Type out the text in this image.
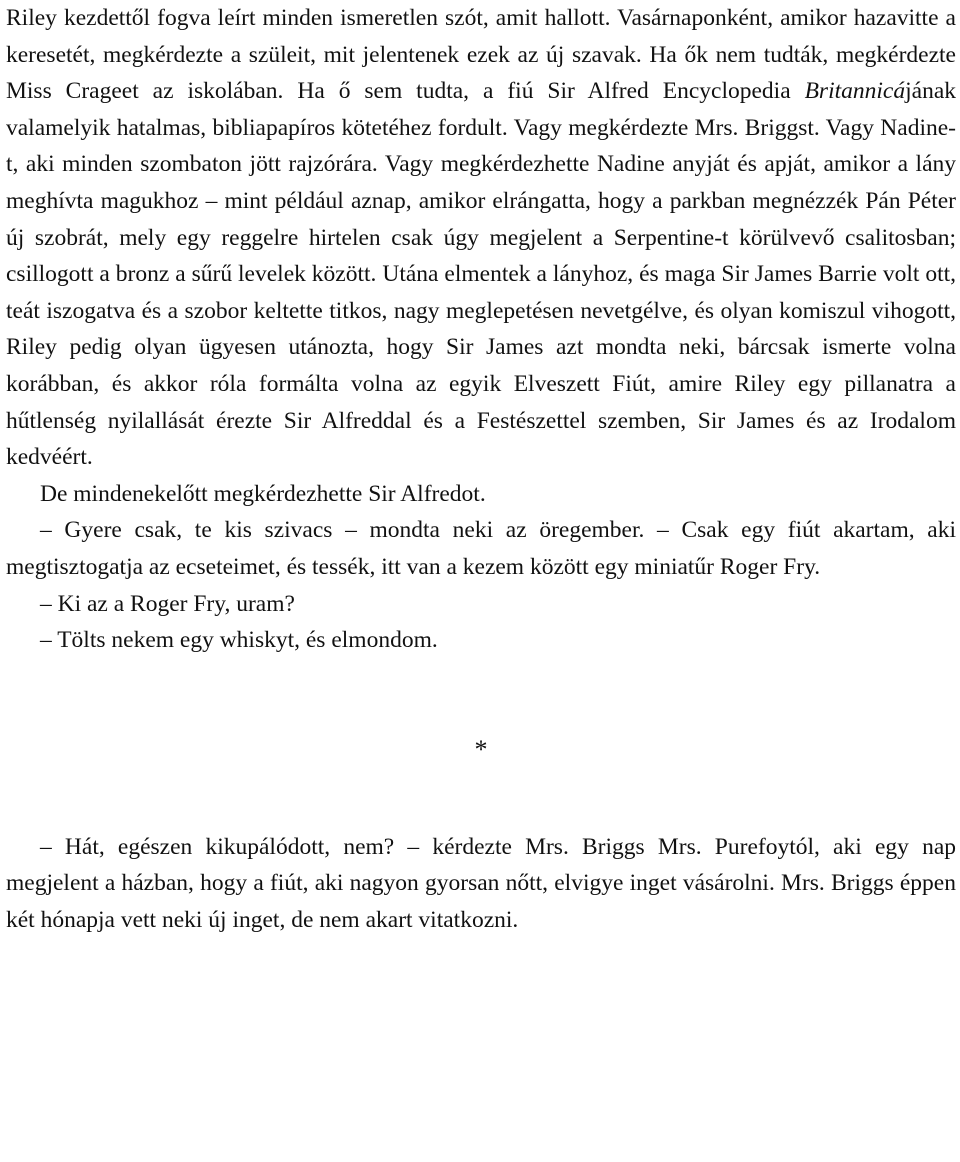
Riley kezdettől fogva leírt minden ismeretlen szót, amit hallott. Vasárnaponként, amikor hazavitte a keresetét, megkérdezte a szüleit, mit jelentenek ezek az új szavak. Ha ők nem tudták, megkérdezte Miss Crageet az iskolában. Ha ő sem tudta, a fiú Sir Alfred Encyclopedia Britannicájának valamelyik hatalmas, bibliapapíros kötetéhez fordult. Vagy megkérdezte Mrs. Briggst. Vagy Nadine-t, aki minden szombaton jött rajzórára. Vagy megkérdezhette Nadine anyját és apját, amikor a lány meghívta magukhoz – mint például aznap, amikor elrángatta, hogy a parkban megnézzék Pán Péter új szobrát, mely egy reggelre hirtelen csak úgy megjelent a Serpentine-t körülvevő csalitosban; csillogott a bronz a sűrű levelek között. Utána elmentek a lányhoz, és maga Sir James Barrie volt ott, teát iszogatva és a szobor keltette titkos, nagy meglepetésen nevetgélve, és olyan komiszul vihogott, Riley pedig olyan ügyesen utánozta, hogy Sir James azt mondta neki, bárcsak ismerte volna korábban, és akkor róla formálta volna az egyik Elveszett Fiút, amire Riley egy pillanatra a hűtlenség nyilallását érezte Sir Alfreddal és a Festészettel szemben, Sir James és az Irodalom kedvéért.

De mindenekelőtt megkérdezhette Sir Alfredot.

– Gyere csak, te kis szivacs – mondta neki az öregember. – Csak egy fiút akartam, aki megtisztogatja az ecseteimet, és tessék, itt van a kezem között egy miniatűr Roger Fry.

– Ki az a Roger Fry, uram?

– Tölts nekem egy whiskyt, és elmondom.

*

– Hát, egészen kikupálódott, nem? – kérdezte Mrs. Briggs Mrs. Purefoytól, aki egy nap megjelent a házban, hogy a fiút, aki nagyon gyorsan nőtt, elvigye inget vásárolni. Mrs. Briggs éppen két hónapja vett neki új inget, de nem akart vitatkozni.
